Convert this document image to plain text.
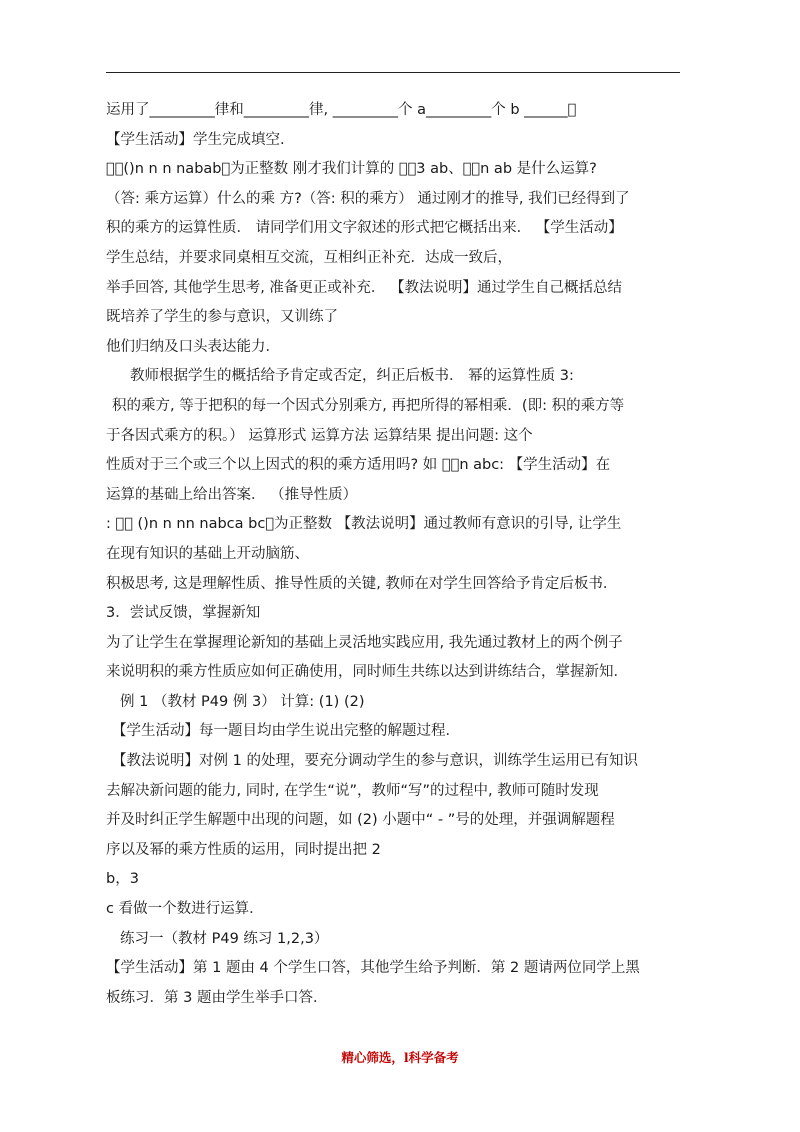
运用了_________律和_________律, _________个 a_________个 b ______􀃮
【学生活动】学生完成填空.
􀃮􀃮()n n n nabab􀃮为正整数 刚才我们计算的 􀃮􀃮3 ab、􀃮􀃮n ab 是什么运算?
（答: 乘方运算）什么的乘 方?（答: 积的乘方） 通过刚才的推导, 我们已经得到了
积的乘方的运算性质． 请同学们用文字叙述的形式把它概括出来． 【学生活动】
学生总结，并要求同桌相互交流，互相纠正补充．达成一致后，
举手回答, 其他学生思考, 准备更正或补充． 【教法说明】通过学生自己概括总结
既培养了学生的参与意识，又训练了
他们归纳及口头表达能力．
教师根据学生的概括给予肯定或否定，纠正后板书． 幂的运算性质 3:
积的乘方, 等于把积的每一个因式分别乘方, 再把所得的幂相乘．(即: 积的乘方等
于各因式乘方的积。） 运算形式 运算方法 运算结果 提出问题: 这个
性质对于三个或三个以上因式的积的乘方适用吗? 如 􀃮􀃮n abc: 【学生活动】在
运算的基础上给出答案． （推导性质）
: 􀃮􀃮 ()n n nn nabca bc􀃮为正整数 【教法说明】通过教师有意识的引导, 让学生
在现有知识的基础上开动脑筋、
积极思考, 这是理解性质、推导性质的关键, 教师在对学生回答给予肯定后板书．
3．尝试反馈，掌握新知
为了让学生在掌握理论新知的基础上灵活地实践应用, 我先通过教材上的两个例子
来说明积的乘方性质应如何正确使用，同时师生共练以达到讲练结合，掌握新知．
例 1 （教材 P49 例 3） 计算: (1) (2)
【学生活动】每一题目均由学生说出完整的解题过程．
【教法说明】对例 1 的处理，要充分调动学生的参与意识，训练学生运用已有知识
去解决新问题的能力, 同时, 在学生“说”，教师“写”的过程中, 教师可随时发现
并及时纠正学生解题中出现的问题，如 (2) 小题中“ - ”号的处理，并强调解题程
序以及幂的乘方性质的运用，同时提出把 2
b，3
c 看做一个数进行运算．
练习一（教材 P49 练习 1,2,3）
【学生活动】第 1 题由 4 个学生口答，其他学生给予判断．第 2 题请两位同学上黑
板练习．第 3 题由学生举手口答．
精心筛选，l科学备考
